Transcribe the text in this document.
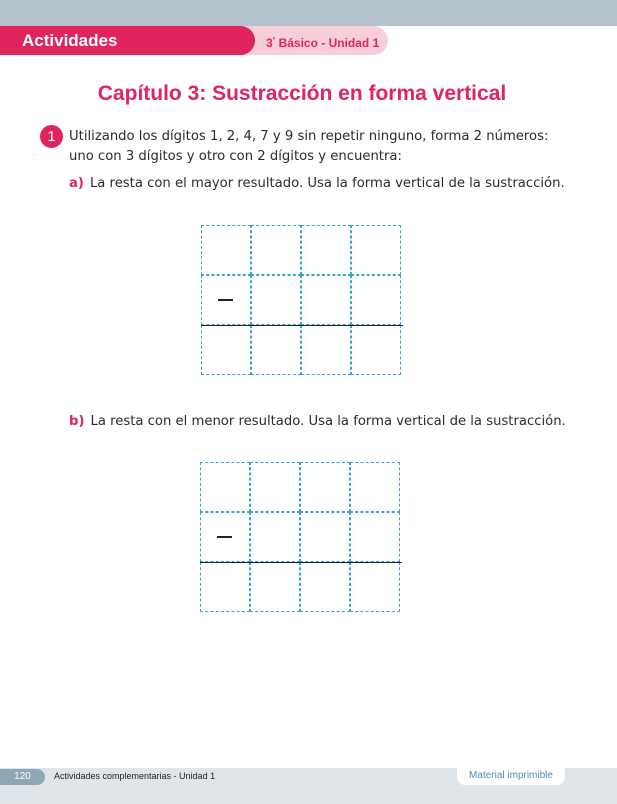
Actividades complementarias
$3^º$ Básico - Unidad 1
Capítulo 3: Sustracción en forma vertical
1	Utilizando los dígitos 1, 2, 4, 7 y 9 sin repetir ninguno, forma 2 números:
uno con 3 dígitos y otro con 2 dígitos y encuentra:
a) La resta con el mayor resultado. Usa la forma vertical de la sustracción.
b) La resta con el menor resultado. Usa la forma vertical de la sustracción.
120	Actividades complementarias - Unidad 1	Material imprimible
